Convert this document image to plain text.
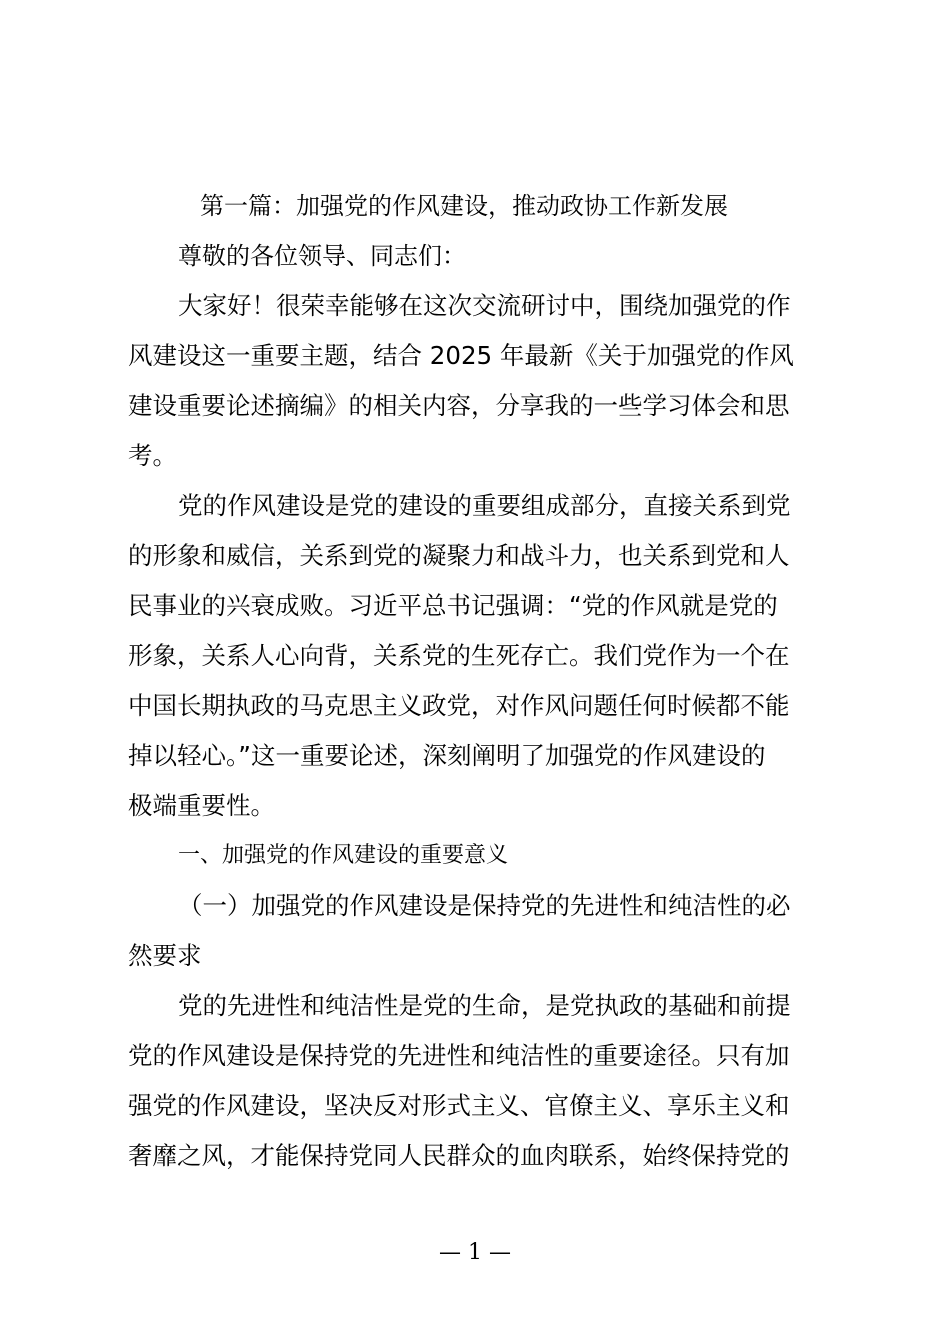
第一篇：加强党的作风建设，推动政协工作新发展
尊敬的各位领导、同志们：
大家好！很荣幸能够在这次交流研讨中，围绕加强党的作
风建设这一重要主题，结合 2025 年最新《关于加强党的作风
建设重要论述摘编》的相关内容，分享我的一些学习体会和思
考。
党的作风建设是党的建设的重要组成部分，直接关系到党
的形象和威信，关系到党的凝聚力和战斗力，也关系到党和人
民事业的兴衰成败。习近平总书记强调：“党的作风就是党的
形象，关系人心向背，关系党的生死存亡。我们党作为一个在
中国长期执政的马克思主义政党，对作风问题任何时候都不能
掉以轻心。”这一重要论述，深刻阐明了加强党的作风建设的
极端重要性。
一、加强党的作风建设的重要意义
（一）加强党的作风建设是保持党的先进性和纯洁性的必
然要求
党的先进性和纯洁性是党的生命，是党执政的基础和前提
党的作风建设是保持党的先进性和纯洁性的重要途径。只有加
强党的作风建设，坚决反对形式主义、官僚主义、享乐主义和
奢靡之风，才能保持党同人民群众的血肉联系，始终保持党的
— 1 —
